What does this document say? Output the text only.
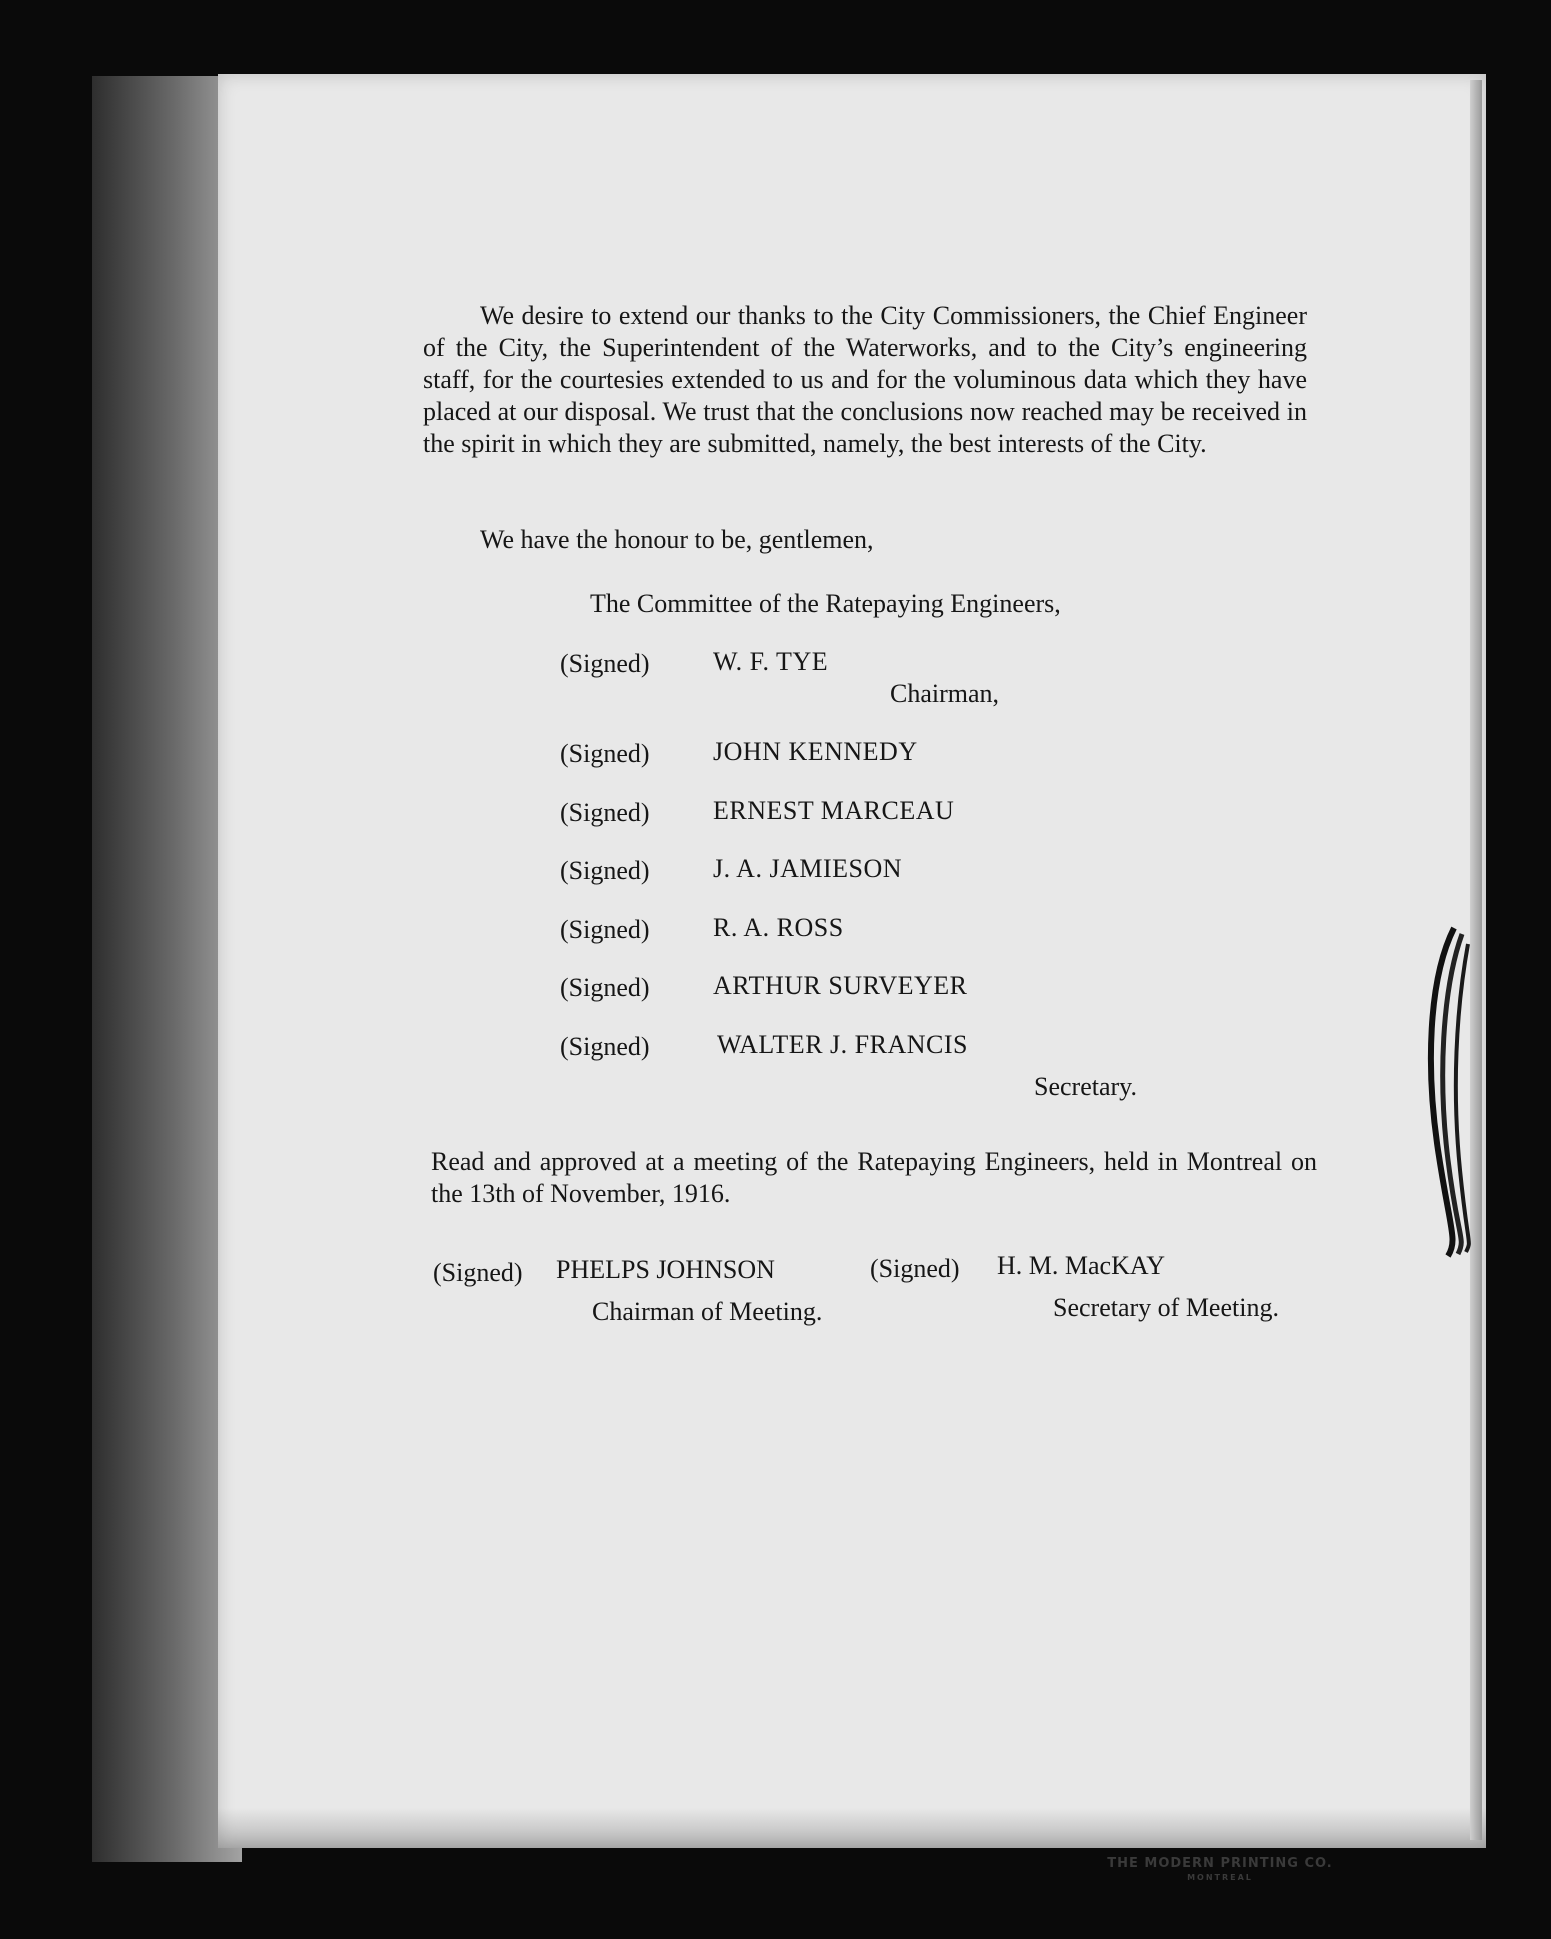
We desire to extend our thanks to the City Commissioners, the Chief Engineer of the City, the Superintendent of the Waterworks, and to the City’s engineering staff, for the courtesies extended to us and for the voluminous data which they have placed at our disposal. We trust that the conclusions now reached may be received in the spirit in which they are submitted, namely, the best interests of the City.
We have the honour to be, gentlemen,
The Committee of the Ratepaying Engineers,
(Signed) W. F. TYE
Chairman,
(Signed) JOHN KENNEDY
(Signed) ERNEST MARCEAU
(Signed) J. A. JAMIESON
(Signed) R. A. ROSS
(Signed) ARTHUR SURVEYER
(Signed)	WALTER J. FRANCIS
Secretary.
Read and approved at a meeting of the Ratepaying Engineers, held in Montreal on the 13th of November, 1916.
(Signed) PHELPS JOHNSON
Chairman of Meeting.
(Signed) H. M. MacKAY
Secretary of Meeting.
THE MODERN PRINTING CO.
MONTREAL
